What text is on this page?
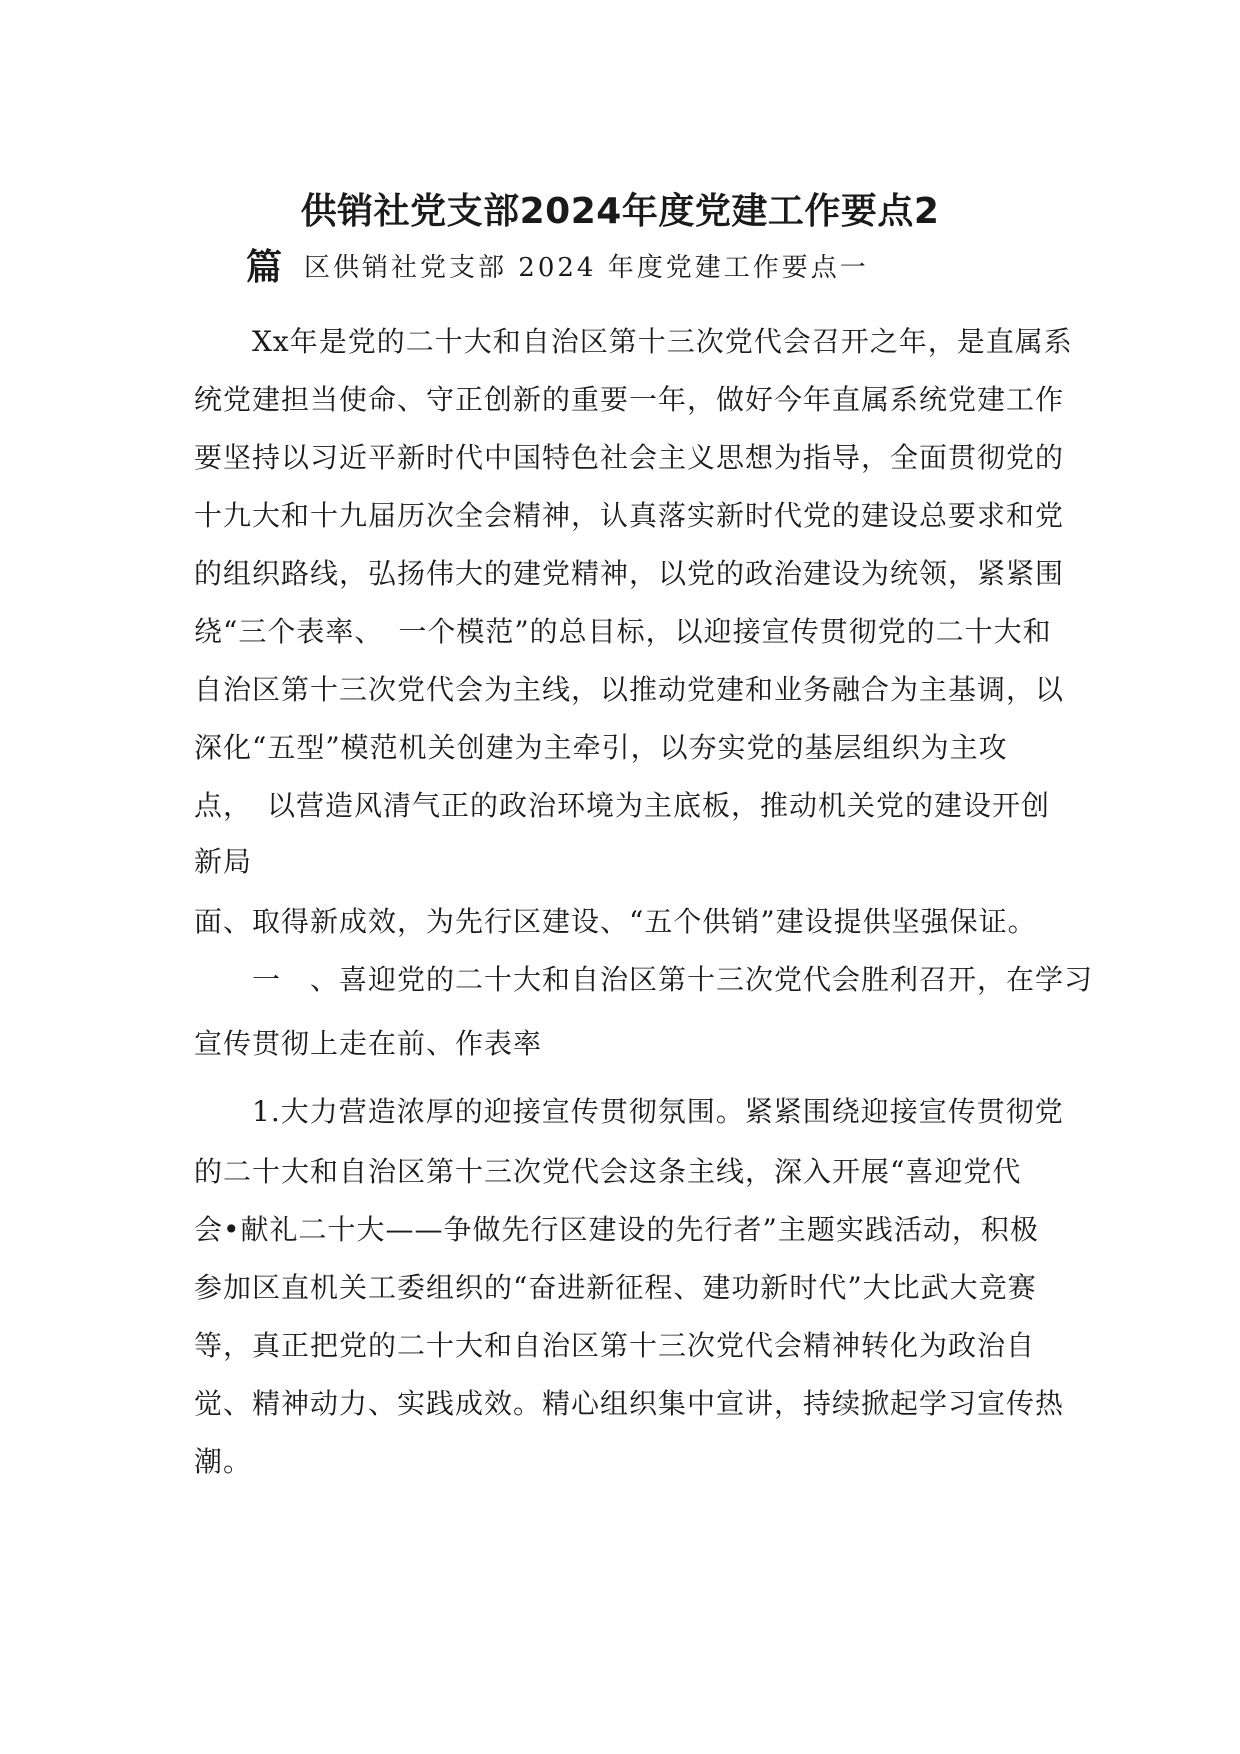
供销社党支部2024年度党建工作要点2
篇 区供销社党支部 2024 年度党建工作要点一
　　Xx年是党的二十大和自治区第十三次党代会召开之年，是直属系
统党建担当使命、守正创新的重要一年，做好今年直属系统党建工作
要坚持以习近平新时代中国特色社会主义思想为指导，全面贯彻党的
十九大和十九届历次全会精神，认真落实新时代党的建设总要求和党
的组织路线，弘扬伟大的建党精神，以党的政治建设为统领，紧紧围
绕“三个表率、　一个模范”的总目标，以迎接宣传贯彻党的二十大和
自治区第十三次党代会为主线，以推动党建和业务融合为主基调，以
深化“五型”模范机关创建为主牵引，以夯实党的基层组织为主攻
点，　以营造风清气正的政治环境为主底板，推动机关党的建设开创
新局
面、取得新成效，为先行区建设、“五个供销”建设提供坚强保证。
　　一　、喜迎党的二十大和自治区第十三次党代会胜利召开，在学习
宣传贯彻上走在前、作表率
　　1.大力营造浓厚的迎接宣传贯彻氛围。紧紧围绕迎接宣传贯彻党
的二十大和自治区第十三次党代会这条主线，深入开展“喜迎党代
会•献礼二十大——争做先行区建设的先行者”主题实践活动，积极
参加区直机关工委组织的“奋进新征程、建功新时代”大比武大竞赛
等，真正把党的二十大和自治区第十三次党代会精神转化为政治自
觉、精神动力、实践成效。精心组织集中宣讲，持续掀起学习宣传热
潮。
